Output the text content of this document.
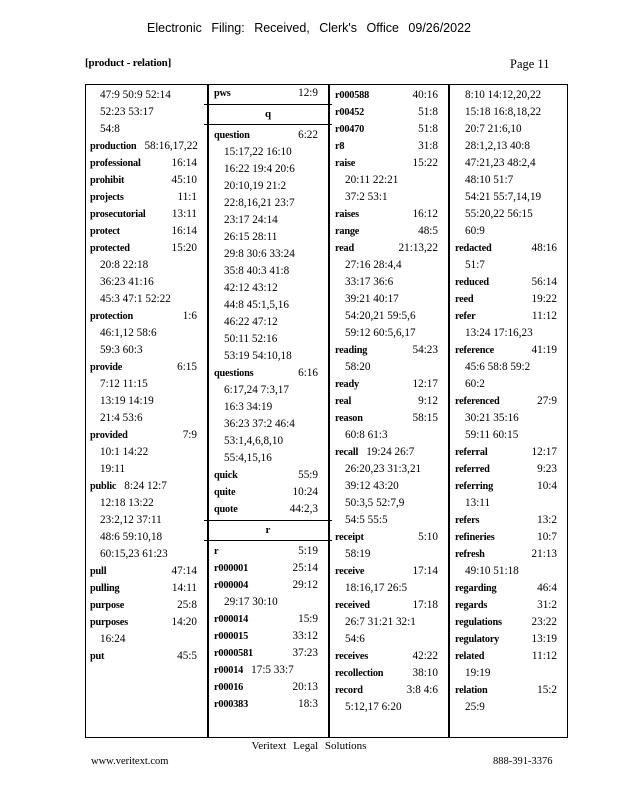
Electronic Filing: Received, Clerk's Office 09/26/2022
[product - relation]	Page 11
47:9 50:9 52:14
52:23 53:17
54:8
production 58:16,17,22
professional	16:14
prohibit	45:10
projects	11:1
prosecutorial 13:11
protect	16:14
protected	15:20
20:8 22:18
36:23 41:16
45:3 47:1 52:22
protection	1:6
46:1,12 58:6
59:3 60:3
provide	6:15
7:12 11:15
13:19 14:19
21:4 53:6
provided	7:9
10:1 14:22
19:11
public 8:24 12:7
12:18 13:22
23:2,12 37:11
48:6 59:10,18
60:15,23 61:23
pull	47:14
pulling	14:11
purpose	25:8
purposes	14:20
16:24
put	45:5
pws	12:9
q
question	6:22
15:17,22 16:10
16:22 19:4 20:6
20:10,19 21:2
22:8,16,21 23:7
23:17 24:14
26:15 28:11
29:8 30:6 33:24
35:8 40:3 41:8
42:12 43:12
44:8 45:1,5,16
46:22 47:12
50:11 52:16
53:19 54:10,18
questions	6:16
6:17,24 7:3,17
16:3 34:19
36:23 37:2 46:4
53:1,4,6,8,10
55:4,15,16
quick	55:9
quite	10:24
quote	44:2,3
r
r	5:19
r000001	25:14
r000004	29:12
29:17 30:10
r000014	15:9
r000015	33:12
r0000581	37:23
r00014 17:5 33:7
r00016	20:13
r000383	18:3
r000588	40:16
r00452	51:8
r00470	51:8
r8	31:8
raise	15:22
20:11 22:21
37:2 53:1
raises	16:12
range	48:5
read	21:13,22
27:16 28:4,4
33:17 36:6
39:21 40:17
54:20,21 59:5,6
59:12 60:5,6,17
reading	54:23
58:20
ready	12:17
real	9:12
reason	58:15
60:8 61:3
recall 19:24 26:7
26:20,23 31:3,21
39:12 43:20
50:3,5 52:7,9
54:5 55:5
receipt	5:10
58:19
receive	17:14
18:16,17 26:5
received	17:18
26:7 31:21 32:1
54:6
receives	42:22
recollection	38:10
record	3:8 4:6
5:12,17 6:20
8:10 14:12,20,22
15:18 16:8,18,22
20:7 21:6,10
28:1,2,13 40:8
47:21,23 48:2,4
48:10 51:7
54:21 55:7,14,19
55:20,22 56:15
60:9
redacted	48:16
51:7
reduced	56:14
reed	19:22
refer	11:12
13:24 17:16,23
reference	41:19
45:6 58:8 59:2
60:2
referenced	27:9
30:21 35:16
59:11 60:15
referral	12:17
referred	9:23
referring	10:4
13:11
refers	13:2
refineries	10:7
refresh	21:13
49:10 51:18
regarding	46:4
regards	31:2
regulations	23:22
regulatory	13:19
related	11:12
19:19
relation	15:2
25:9
Veritext Legal Solutions
www.veritext.com	888-391-3376
